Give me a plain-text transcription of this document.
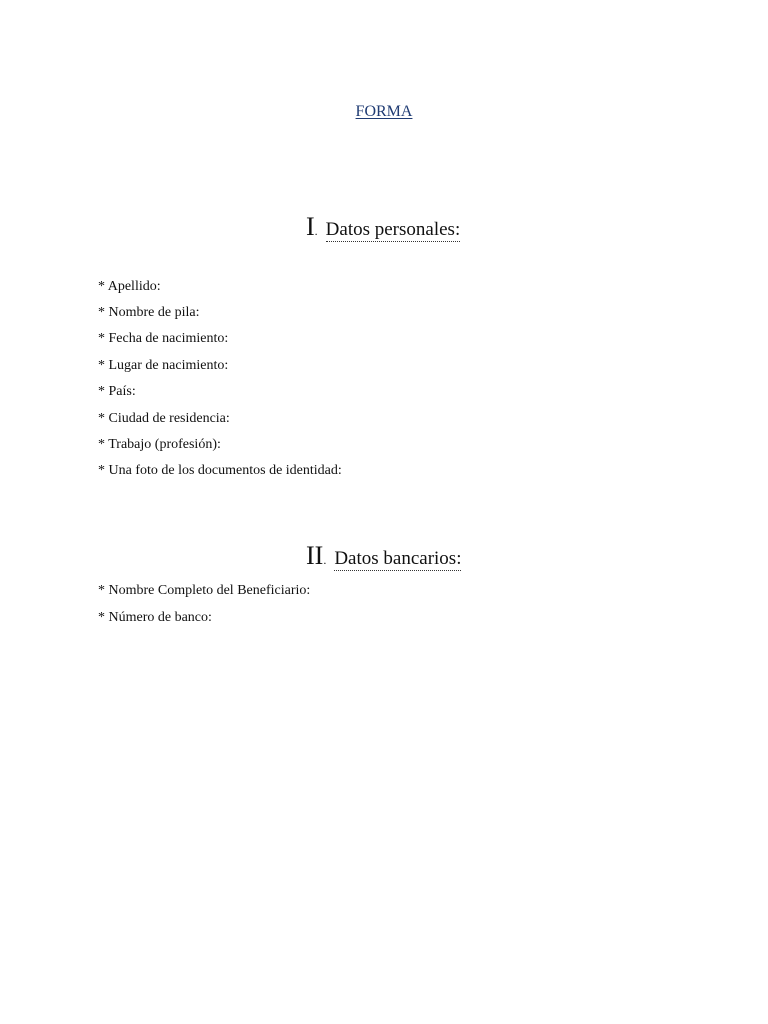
FORMA
I. Datos personales:
* Apellido:
* Nombre de pila:
* Fecha de nacimiento:
* Lugar de nacimiento:
* País:
* Ciudad de residencia:
* Trabajo (profesión):
* Una foto de los documentos de identidad:
II. Datos bancarios:
* Nombre Completo del Beneficiario:
* Número de banco:
